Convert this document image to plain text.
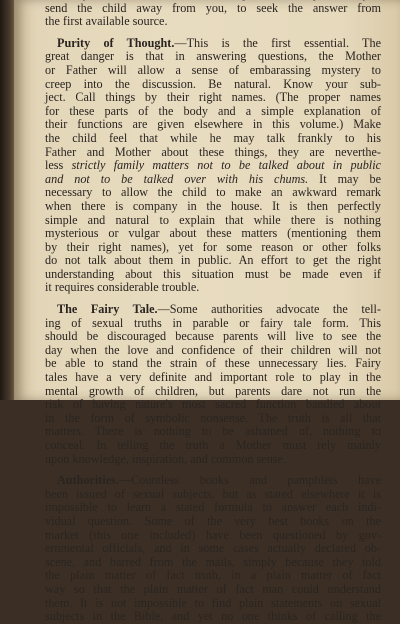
send the child away from you, to seek the answer from
the first available source.
Purity of Thought.—This is the first essential. The
great danger is that in answering questions, the Mother
or Father will allow a sense of embarassing mystery to
creep into the discussion. Be natural. Know your sub-
ject. Call things by their right names. (The proper names
for these parts of the body and a simple explanation of
their functions are given elsewhere in this volume.) Make
the child feel that while he may talk frankly to his
Father and Mother about these things, they are neverthe-
less strictly family matters not to be talked about in public
and not to be talked over with his chums. It may be
necessary to allow the child to make an awkward remark
when there is company in the house. It is then perfectly
simple and natural to explain that while there is nothing
mysterious or vulgar about these matters (mentioning them
by their right names), yet for some reason or other folks
do not talk about them in public. An effort to get the right
understanding about this situation must be made even if
it requires considerable trouble.
The Fairy Tale.—Some authorities advocate the tell-
ing of sexual truths in parable or fairy tale form. This
should be discouraged because parents will live to see the
day when the love and confidence of their children will not
be able to stand the strain of these unnecessary lies. Fairy
tales have a very definite and important role to play in the
mental growth of children, but parents dare not run the
risk of having nature's most sacred function bandied about
in the form of symbolic nonsense. The truth is all that
matters. There is nothing to be ashamed of, nothing to
conceal. In telling the truth a Mother must rely mainly
upon knowledge, inspiration, and common sense.
Authorities.—Countless books and pamphlets have
been issued of sexual subjects, but as stated elsewhere it is
impossible to learn a stated formula to answer each indi-
vidual question. Some of the very best books on the
market (this one included) have been questioned by gov-
ernmental officials, and in some cases actually declared ob-
scene, and barred from the mails, simply because they told
the plain matter of fact truth, in a plain matter of fact
way so that the plain matter of fact man could understand
them. It is not impossible to find plain statements on sexual
subjects in the Bible, and yet no one thinks of calling the
